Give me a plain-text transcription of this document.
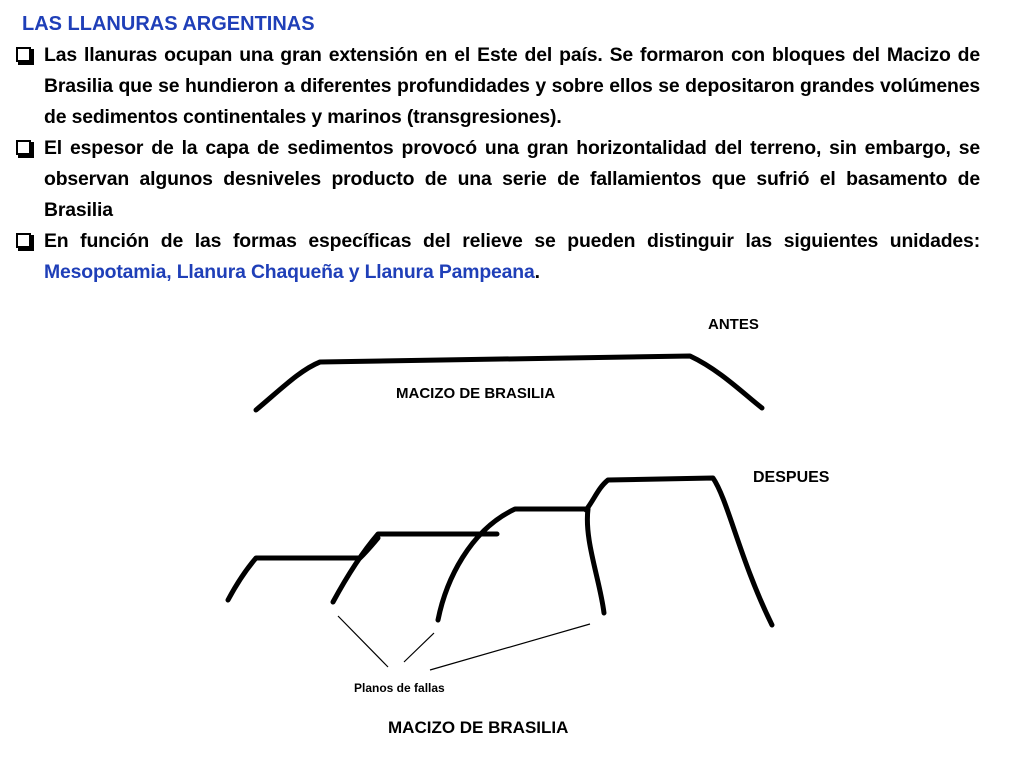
LAS LLANURAS ARGENTINAS
Las llanuras ocupan una gran extensión en el Este del país. Se formaron con bloques del Macizo de Brasilia que se hundieron a diferentes profundidades y sobre ellos se depositaron grandes volúmenes de sedimentos continentales y marinos (transgresiones).
El espesor de la capa de sedimentos provocó una gran horizontalidad del terreno, sin embargo, se observan algunos desniveles producto de una serie de fallamientos que sufrió el basamento de Brasilia
En función de las formas específicas del relieve se pueden distinguir las siguientes unidades: Mesopotamia, Llanura Chaqueña y Llanura Pampeana.
ANTES
MACIZO DE BRASILIA
DESPUES
Planos de fallas
MACIZO DE BRASILIA
